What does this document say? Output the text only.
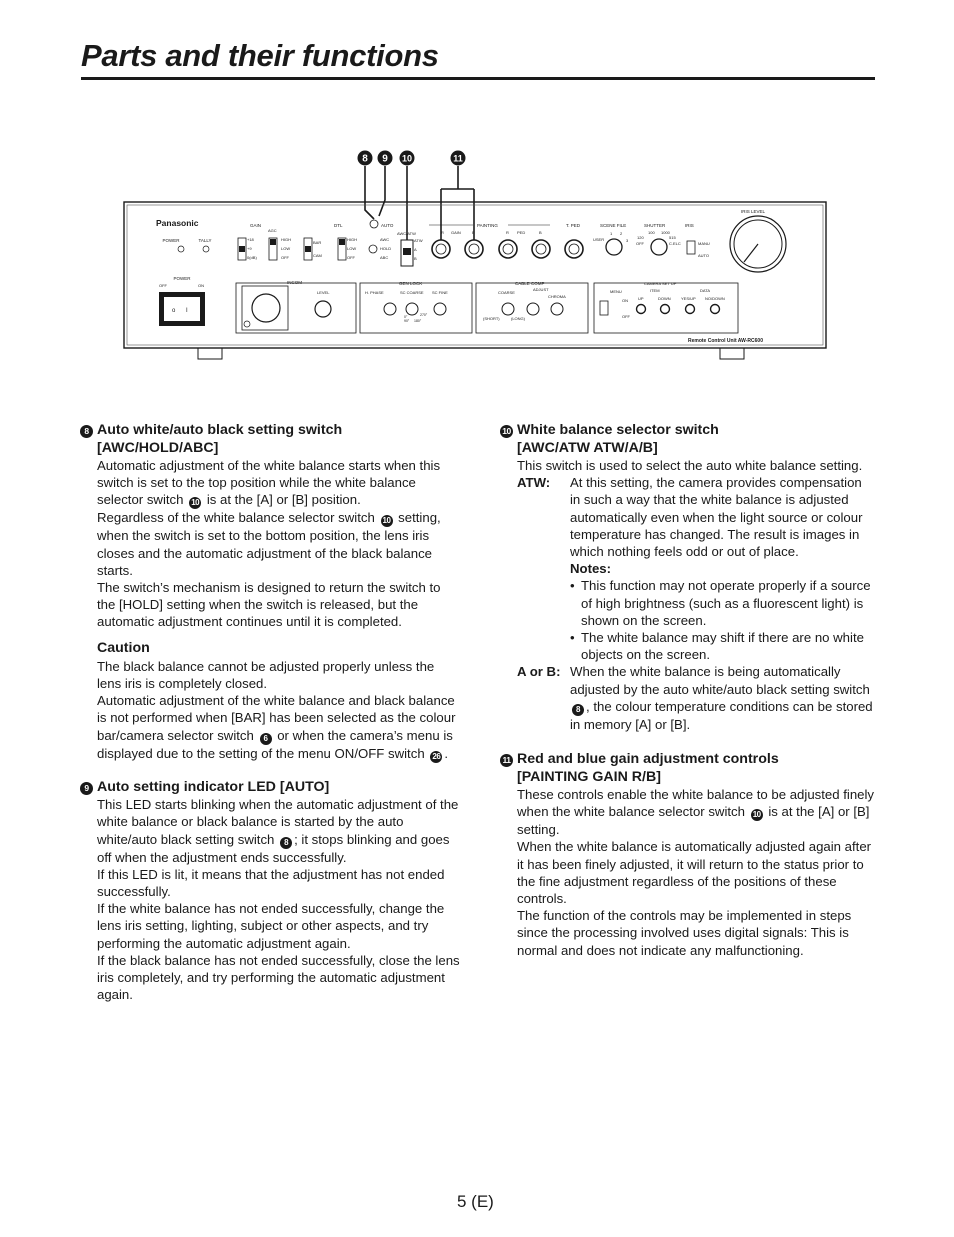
Parts and their functions
8 9 10	11
Panasonic
POWER	TALLY
POWER
OFF	ON
o I
GAIN
AGC
+18
+9
0(dB)
HIGH
LOW
OFF
DTL
BAR
CAM
HIGH
LOW
OFF
AUTO
AWC
HOLD
ABC
AWC/ATW
ATW
A
B
PAINTING
R GAIN	B	R PED	B
T. PED	SCENE FILE
USER
1 2
3
SHUTTER
100 1000
120	515
OFF	C.ELC
IRIS
MANU
AUTO
IRIS LEVEL
INCOM
LEVEL
GEN LOCK
H. PHASE	SC COARSE SC FINE
0°	270°
90° 180°
CABLE COMP
COARSE
ADJUST
CHROMA
(SHORT)	(LONG)
MENU
ON
OFF
CAMERA SET UP
ITEM	DATA
UP	DOWN	YES/UP NO/DOWN
Remote Control Unit AW-RC600
8 Auto white/auto black setting switch
[AWC/HOLD/ABC]

Automatic adjustment of the white balance starts when this switch is set to the top position while the white balance selector switch 10 is at the [A] or [B] position.

Regardless of the white balance selector switch 10 setting, when the switch is set to the bottom position, the lens iris closes and the automatic adjustment of the black balance starts.

The switch’s mechanism is designed to return the switch to the [HOLD] setting when the switch is released, but the automatic adjustment continues until it is completed.

Caution

The black balance cannot be adjusted properly unless the lens iris is completely closed.

Automatic adjustment of the white balance and black balance is not performed when [BAR] has been selected as the colour bar/camera selector switch 6 or when the camera’s menu is displayed due to the setting of the menu ON/OFF switch 26 .

9 Auto setting indicator LED [AUTO]

This LED starts blinking when the automatic adjustment of the white balance or black balance is started by the auto white/auto black setting switch 8 ; it stops blinking and goes off when the adjustment ends successfully.

If this LED is lit, it means that the adjustment has not ended successfully.

If the white balance has not ended successfully, change the lens iris setting, lighting, subject or other aspects, and try performing the automatic adjustment again.

If the black balance has not ended successfully, close the lens iris completely, and try performing the automatic adjustment again.

10 White balance selector switch
[AWC/ATW ATW/A/B]

This switch is used to select the auto white balance setting.

ATW:	At this setting, the camera provides compensation in such a way that the white balance is adjusted automatically even when the light source or colour temperature has changed. The result is images in which nothing feels odd or out of place.

Notes:

• This function may not operate properly if a source of high brightness (such as a fluorescent light) is shown on the screen.
• The white balance may shift if there are no white objects on the screen.
A or B: When the white balance is being automatically adjusted by the auto white/auto black setting switch 8 , the colour temperature conditions can be stored in memory [A] or [B].
11 Red and blue gain adjustment controls
[PAINTING GAIN R/B]

These controls enable the white balance to be adjusted finely when the white balance selector switch 10 is at the [A] or [B] setting.

When the white balance is automatically adjusted again after it has been finely adjusted, it will return to the status prior to the fine adjustment regardless of the positions of these controls.

The function of the controls may be implemented in steps since the processing involved uses digital signals: This is normal and does not indicate any malfunctioning.

5 (E)
